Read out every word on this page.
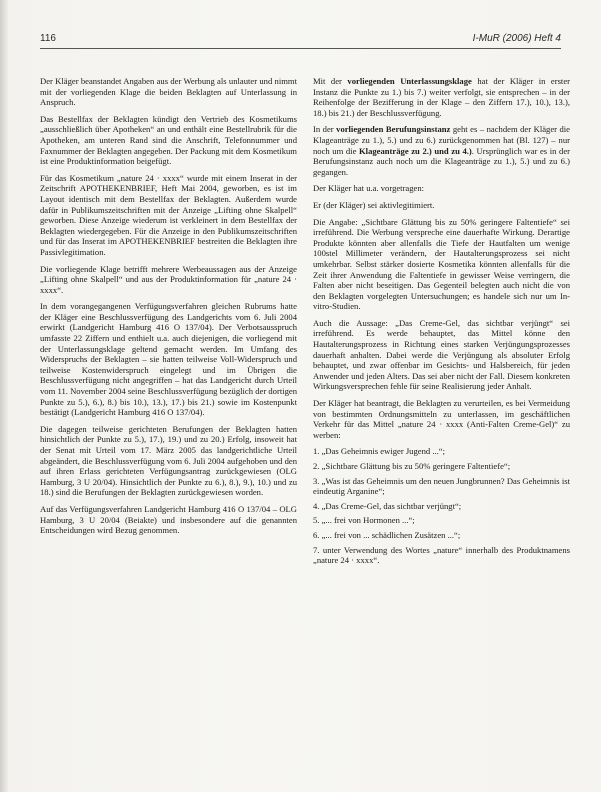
116	I-MuR (2006) Heft 4

Der Kläger beanstandet Angaben aus der Werbung als unlauter und nimmt mit der vorliegenden Klage die beiden Beklagten auf Unterlassung in Anspruch.

Das Bestellfax der Beklagten kündigt den Vertrieb des Kosmetikums „ausschließlich über Apotheken“ an und enthält eine Bestellrubrik für die Apotheken, am unteren Rand sind die Anschrift, Telefonnummer und Faxnummer der Beklagten angegeben. Der Packung mit dem Kosmetikum ist eine Produktinformation beigefügt.

Für das Kosmetikum „nature 24 · xxxx“ wurde mit einem Inserat in der Zeitschrift APOTHEKENBRIEF, Heft Mai 2004, geworben, es ist im Layout identisch mit dem Bestellfax der Beklagten. Außerdem wurde dafür in Publikumszeitschriften mit der Anzeige „Lifting ohne Skalpell“ geworben. Diese Anzeige wiederum ist verkleinert in dem Bestellfax der Beklagten wiedergegeben. Für die Anzeige in den Publikumszeitschriften und für das Inserat im APOTHEKENBRIEF bestreiten die Beklagten ihre Passivlegitimation.

Die vorliegende Klage betrifft mehrere Werbeaussagen aus der Anzeige „Lifting ohne Skalpell“ und aus der Produktinformation für „nature 24 · xxxx“.

In dem vorangegangenen Verfügungsverfahren gleichen Rubrums hatte der Kläger eine Beschlussverfügung des Landgerichts vom 6. Juli 2004 erwirkt (Landgericht Hamburg 416 O 137/04). Der Verbotsausspruch umfasste 22 Ziffern und enthielt u.a. auch diejenigen, die vorliegend mit der Unterlassungsklage geltend gemacht werden. Im Umfang des Widerspruchs der Beklagten – sie hatten teilweise Voll-Widerspruch und teilweise Kostenwiderspruch eingelegt und im Übrigen die Beschlussverfügung nicht angegriffen – hat das Landgericht durch Urteil vom 11. November 2004 seine Beschlussverfügung bezüglich der dortigen Punkte zu 5.), 6.), 8.) bis 10.), 13.), 17.) bis 21.) sowie im Kostenpunkt bestätigt (Landgericht Hamburg 416 O 137/04).

Die dagegen teilweise gerichteten Berufungen der Beklagten hatten hinsichtlich der Punkte zu 5.), 17.), 19.) und zu 20.) Erfolg, insoweit hat der Senat mit Urteil vom 17. März 2005 das landgerichtliche Urteil abgeändert, die Beschlussverfügung vom 6. Juli 2004 aufgehoben und den auf ihren Erlass gerichteten Verfügungsantrag zurückgewiesen (OLG Hamburg, 3 U 20/04). Hinsichtlich der Punkte zu 6.), 8.), 9.), 10.) und zu 18.) sind die Berufungen der Beklagten zurückgewiesen worden.

Auf das Verfügungsverfahren Landgericht Hamburg 416 O 137/04 – OLG Hamburg, 3 U 20/04 (Beiakte) und insbesondere auf die genannten Entscheidungen wird Bezug genommen.

Mit der vorliegenden Unterlassungsklage hat der Kläger in erster Instanz die Punkte zu 1.) bis 7.) weiter verfolgt, sie entsprechen – in der Reihenfolge der Bezifferung in der Klage – den Ziffern 17.), 10.), 13.), 18.) bis 21.) der Beschlussverfügung.

In der vorliegenden Berufungsinstanz geht es – nachdem der Kläger die Klageanträge zu 1.), 5.) und zu 6.) zurückgenommen hat (Bl. 127) – nur noch um die Klageanträge zu 2.) und zu 4.). Ursprünglich war es in der Berufungsinstanz auch noch um die Klageanträge zu 1.), 5.) und zu 6.) gegangen.

Der Kläger hat u.a. vorgetragen:

Er (der Kläger) sei aktivlegitimiert.

Die Angabe: „Sichtbare Glättung bis zu 50% geringere Faltentiefe“ sei irreführend. Die Werbung verspreche eine dauerhafte Wirkung. Derartige Produkte könnten aber allenfalls die Tiefe der Hautfalten um wenige 100stel Millimeter verändern, der Hautalterungsprozess sei nicht umkehrbar. Selbst stärker dosierte Kosmetika könnten allenfalls für die Zeit ihrer Anwendung die Faltentiefe in gewisser Weise verringern, die Falten aber nicht beseitigen. Das Gegenteil belegten auch nicht die von den Beklagten vorgelegten Untersuchungen; es handele sich nur um In-vitro-Studien.

Auch die Aussage: „Das Creme-Gel, das sichtbar verjüngt“ sei irreführend. Es werde behauptet, das Mittel könne den Hautalterungsprozess in Richtung eines starken Verjüngungsprozesses dauerhaft anhalten. Dabei werde die Verjüngung als absoluter Erfolg behauptet, und zwar offenbar im Gesichts- und Halsbereich, für jeden Anwender und jeden Alters. Das sei aber nicht der Fall. Diesem konkreten Wirkungsversprechen fehle für seine Realisierung jeder Anhalt.

Der Kläger hat beantragt, die Beklagten zu verurteilen, es bei Vermeidung von bestimmten Ordnungsmitteln zu unterlassen, im geschäftlichen Verkehr für das Mittel „nature 24 · xxxx (Anti-Falten Creme-Gel)“ zu werben:

1. „Das Geheimnis ewiger Jugend ...“;

2. „Sichtbare Glättung bis zu 50% geringere Faltentiefe“;

3. „Was ist das Geheimnis um den neuen Jungbrunnen? Das Geheimnis ist eindeutig Arganine“;

4. „Das Creme-Gel, das sichtbar verjüngt“;

5. „... frei von Hormonen ...“;

6. „... frei von ... schädlichen Zusätzen ...“;

7. unter Verwendung des Wortes „nature“ innerhalb des Produktnamens „nature 24 · xxxx“.
